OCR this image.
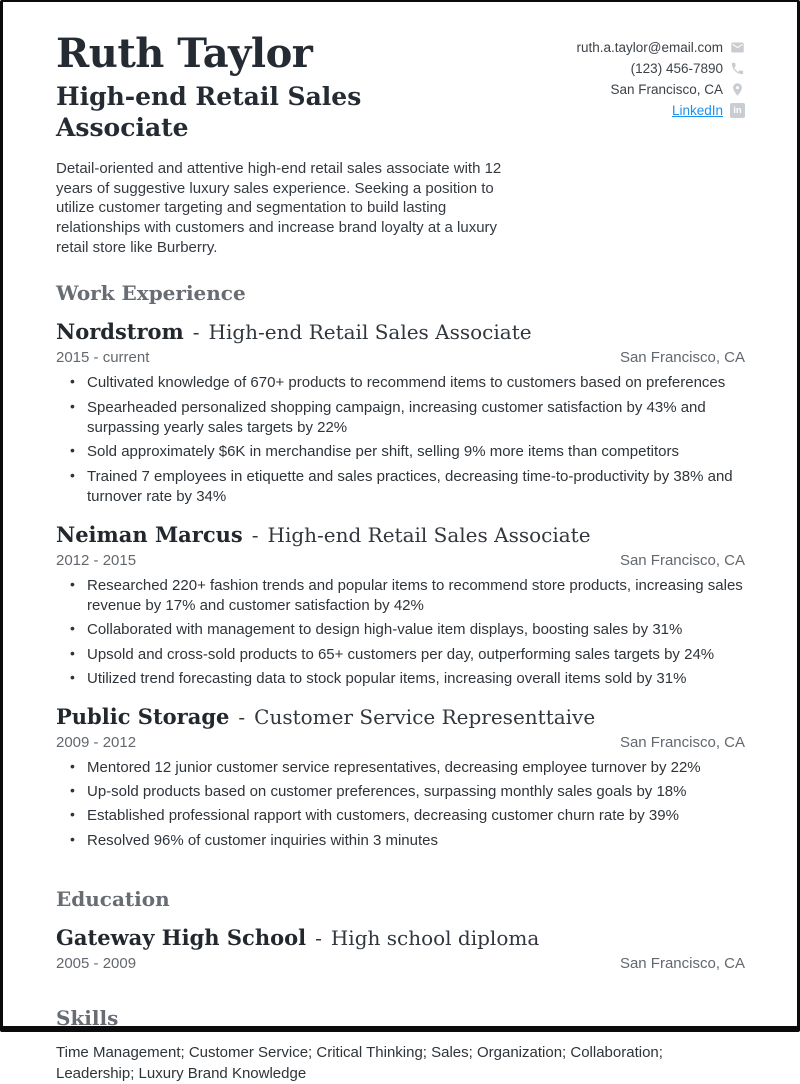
Ruth Taylor
High-end Retail Sales Associate
ruth.a.taylor@email.com
(123) 456-7890
San Francisco, CA
LinkedIn	in

Detail-oriented and attentive high-end retail sales associate with 12 years of suggestive luxury sales experience. Seeking a position to utilize customer targeting and segmentation to build lasting relationships with customers and increase brand loyalty at a luxury retail store like Burberry.

Work Experience
Nordstrom - High-end Retail Sales Associate
2015 - current	San Francisco, CA
• Cultivated knowledge of 670+ products to recommend items to customers based on preferences
• Spearheaded personalized shopping campaign, increasing customer satisfaction by 43% and surpassing yearly sales targets by 22%
• Sold approximately $6K in merchandise per shift, selling 9% more items than competitors
• Trained 7 employees in etiquette and sales practices, decreasing time-to-productivity by 38% and turnover rate by 34%
Neiman Marcus - High-end Retail Sales Associate
2012 - 2015	San Francisco, CA
• Researched 220+ fashion trends and popular items to recommend store products, increasing sales revenue by 17% and customer satisfaction by 42%
• Collaborated with management to design high-value item displays, boosting sales by 31%
• Upsold and cross-sold products to 65+ customers per day, outperforming sales targets by 24%
• Utilized trend forecasting data to stock popular items, increasing overall items sold by 31%
Public Storage - Customer Service Representtaive
2009 - 2012	San Francisco, CA
• Mentored 12 junior customer service representatives, decreasing employee turnover by 22%
• Up-sold products based on customer preferences, surpassing monthly sales goals by 18%
• Established professional rapport with customers, decreasing customer churn rate by 39%
• Resolved 96% of customer inquiries within 3 minutes
Education
Gateway High School - High school diploma
2005 - 2009	San Francisco, CA
Skills

Time Management; Customer Service; Critical Thinking; Sales; Organization; Collaboration; Leadership; Luxury Brand Knowledge
